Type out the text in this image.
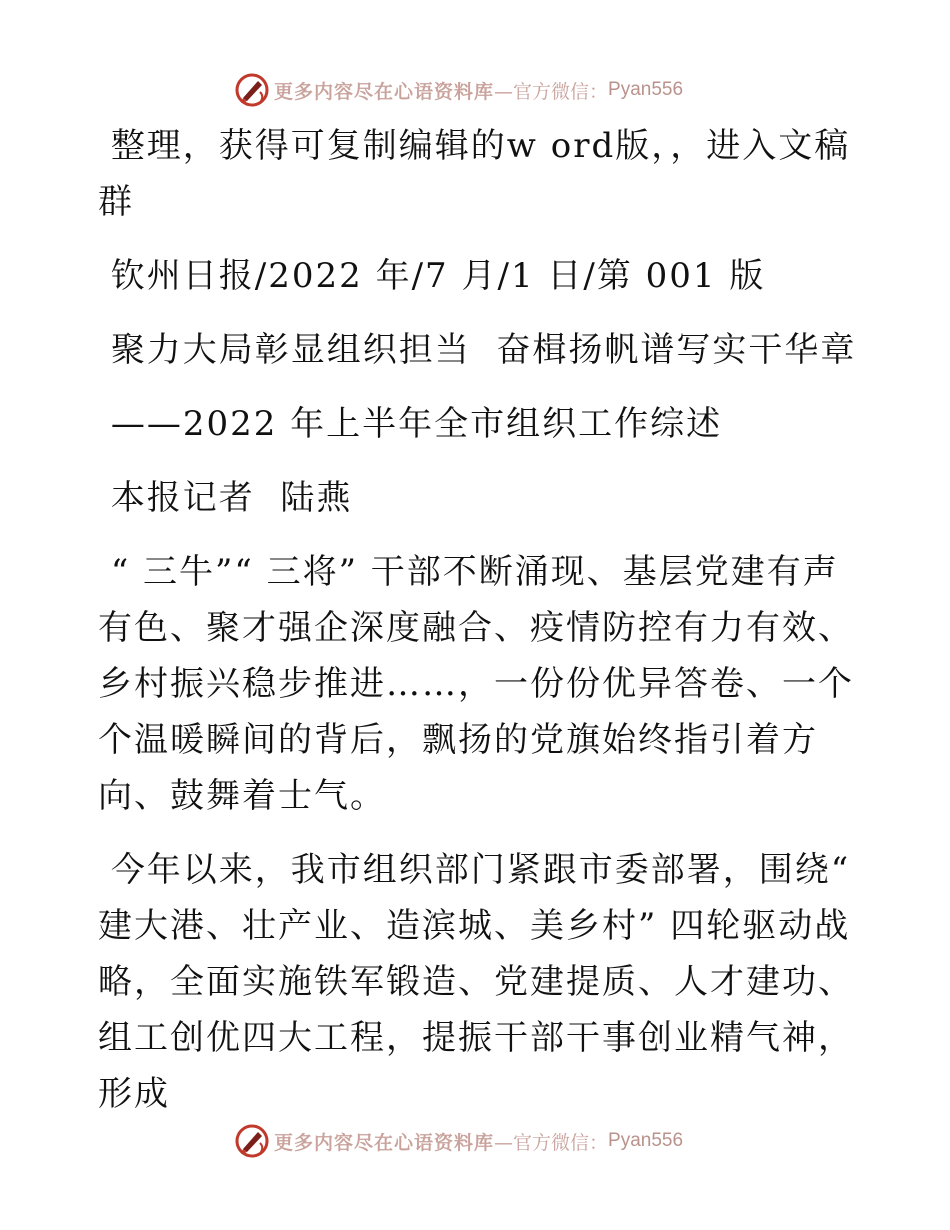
更多内容尽在心语资料库 —官方微信： Pyan556

整理，获得可复制编辑的w ord版，，进入文稿群

钦州日报/2022 年/7 月/1 日/第 001 版

聚力大局彰显组织担当  奋楫扬帆谱写实干华章

——2022 年上半年全市组织工作综述

本报记者  陆燕

“ 三牛”“ 三将” 干部不断涌现、基层党建有声有色、聚才强企深度融合、疫情防控有力有效、乡村振兴稳步推进……，一份份优异答卷、一个个温暖瞬间的背后，飘扬的党旗始终指引着方向、鼓舞着士气。

今年以来，我市组织部门紧跟市委部署，围绕“ 建大港、壮产业、造滨城、美乡村” 四轮驱动战略，全面实施铁军锻造、党建提质、人才建功、组工创优四大工程，提振干部干事创业精气神，形成

更多内容尽在心语资料库 —官方微信： Pyan556
